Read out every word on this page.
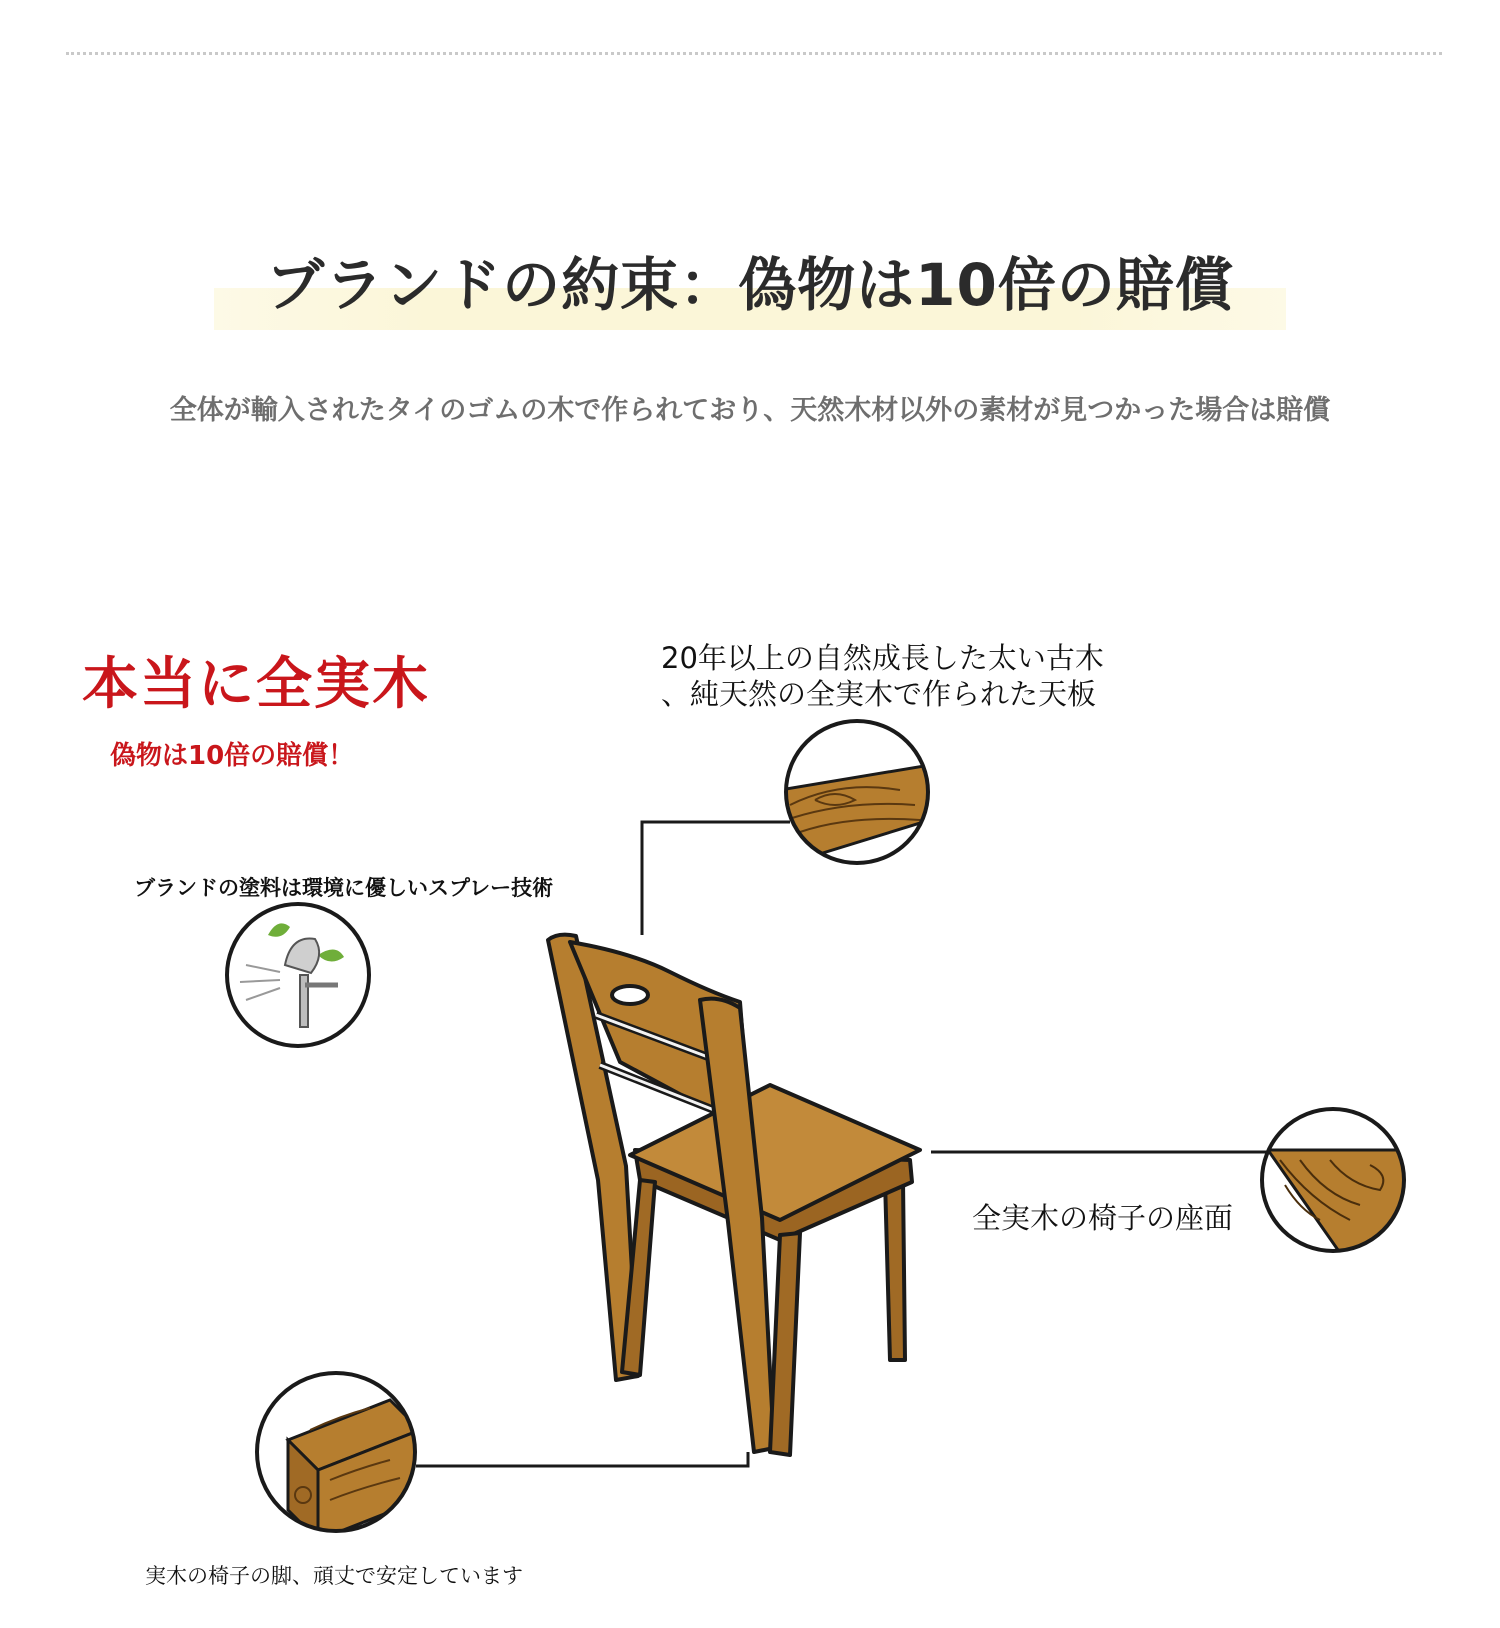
ブランドの約束：偽物は10倍の賠償
全体が輸入されたタイのゴムの木で作られており、天然木材以外の素材が見つかった場合は賠償
本当に全実木
偽物は10倍の賠償！
20年以上の自然成長した太い古木
、純天然の全実木で作られた天板
ブランドの塗料は環境に優しいスプレー技術
全実木の椅子の座面
実木の椅子の脚、頑丈で安定しています
